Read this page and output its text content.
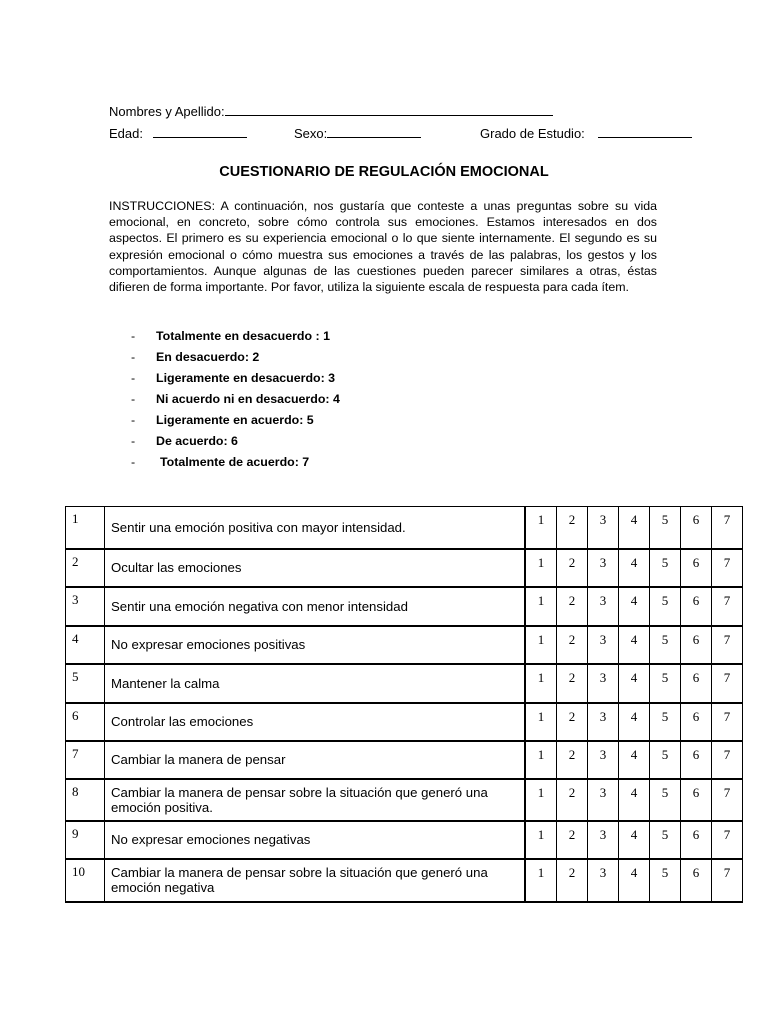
Nombres y Apellido:
Edad:	Sexo:	Grado de Estudio:
CUESTIONARIO DE REGULACIÓN EMOCIONAL
INSTRUCCIONES: A continuación, nos gustaría que conteste a unas preguntas sobre su vida emocional, en concreto, sobre cómo controla sus emociones. Estamos interesados en dos aspectos. El primero es su experiencia emocional o lo que siente internamente. El segundo es su expresión emocional o cómo muestra sus emociones a través de las palabras, los gestos y los comportamientos. Aunque algunas de las cuestiones pueden parecer similares a otras, éstas difieren de forma importante. Por favor, utiliza la siguiente escala de respuesta para cada ítem.
- Totalmente en desacuerdo : 1
- En desacuerdo: 2
- Ligeramente en desacuerdo: 3
- Ni acuerdo ni en desacuerdo: 4
- Ligeramente en acuerdo: 5
- De acuerdo: 6
- Totalmente de acuerdo: 7
1	Sentir una emoción positiva con mayor intensidad.	1	2	3	4	5	6	7
2	Ocultar las emociones	1	2	3	4	5	6	7
3	Sentir una emoción negativa con menor intensidad	1	2	3	4	5	6	7
4	No expresar emociones positivas	1	2	3	4	5	6	7
5	Mantener la calma	1	2	3	4	5	6	7
6	Controlar las emociones	1	2	3	4	5	6	7
7	Cambiar la manera de pensar	1	2	3	4	5	6	7
8	Cambiar la manera de pensar sobre la situación que generó una emoción positiva.	1	2	3	4	5	6	7
9	No expresar emociones negativas	1	2	3	4	5	6	7
10	Cambiar la manera de pensar sobre la situación que generó una emoción negativa	1	2	3	4	5	6	7
